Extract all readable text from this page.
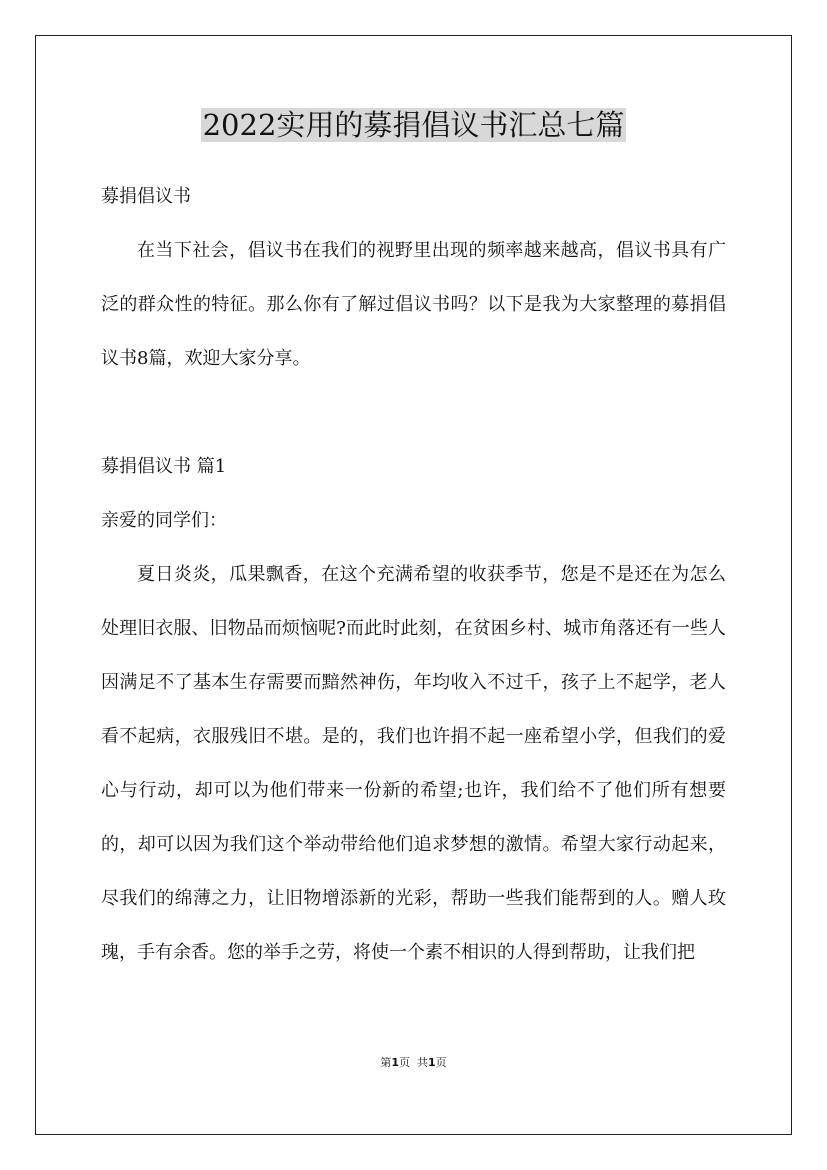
2022实用的募捐倡议书汇总七篇

募捐倡议书

在当下社会，倡议书在我们的视野里出现的频率越来越高，倡议书具有广泛的群众性的特征。那么你有了解过倡议书吗？以下是我为大家整理的募捐倡议书8篇，欢迎大家分享。

募捐倡议书 篇1

亲爱的同学们：

夏日炎炎，瓜果飘香，在这个充满希望的收获季节，您是不是还在为怎么处理旧衣服、旧物品而烦恼呢?而此时此刻，在贫困乡村、城市角落还有一些人因满足不了基本生存需要而黯然神伤，年均收入不过千，孩子上不起学，老人看不起病，衣服残旧不堪。是的，我们也许捐不起一座希望小学，但我们的爱心与行动，却可以为他们带来一份新的希望;也许，我们给不了他们所有想要的，却可以因为我们这个举动带给他们追求梦想的激情。希望大家行动起来，尽我们的绵薄之力，让旧物增添新的光彩，帮助一些我们能帮到的人。赠人玫瑰，手有余香。您的举手之劳，将使一个素不相识的人得到帮助，让我们把

第1页 共1页
